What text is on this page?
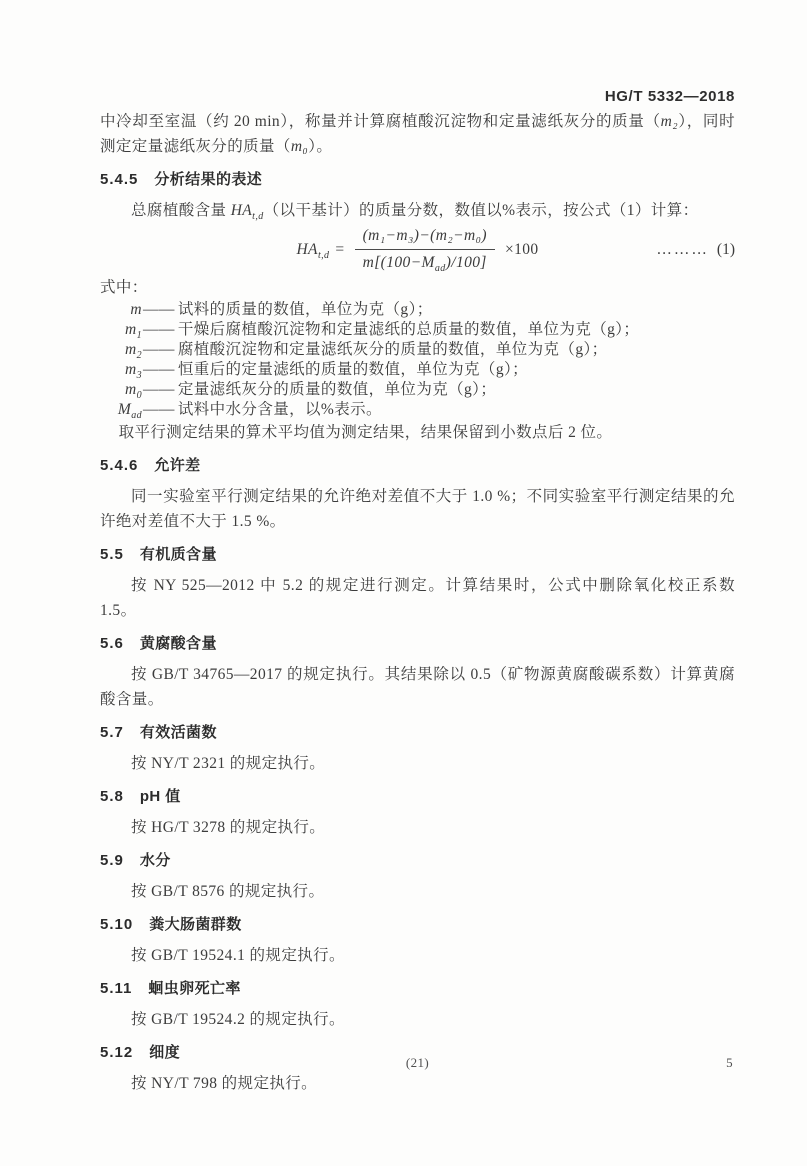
HG/T 5332—2018

中冷却至室温（约 20 min），称量并计算腐植酸沉淀物和定量滤纸灰分的质量（m₂），同时测定定量滤纸灰分的质量（m₀）。

5.4.5 分析结果的表述

总腐植酸含量 $HA_{t,d}$（以干基计）的质量分数，数值以%表示，按公式（1）计算：

$HA_{t,d} = \frac{\text{(m₁−m₃)−(m₂−m₀)}}{m[(100-M_{ad})/100]} \times 100$	……… (1)

式中：

m —— 试料的质量的数值，单位为克（g）；
$m_1$ —— 干燥后腐植酸沉淀物和定量滤纸的总质量的数值，单位为克（g）；
$m_2$ —— 腐植酸沉淀物和定量滤纸灰分的质量的数值，单位为克（g）；
$m_3$ —— 恒重后的定量滤纸的质量的数值，单位为克（g）；
$m_0$ —— 定量滤纸灰分的质量的数值，单位为克（g）；
$M_{ad}$ —— 试料中水分含量，以%表示。

取平行测定结果的算术平均值为测定结果，结果保留到小数点后 2 位。

5.4.6 允许差

同一实验室平行测定结果的允许绝对差值不大于 1.0 %；不同实验室平行测定结果的允许绝对差值不大于 1.5 %。

5.5 有机质含量

按 NY 525—2012 中 5.2 的规定进行测定。计算结果时，公式中删除氧化校正系数 1.5。

5.6 黄腐酸含量

按 GB/T 34765—2017 的规定执行。其结果除以 0.5（矿物源黄腐酸碳系数）计算黄腐酸含量。

5.7 有效活菌数

按 NY/T 2321 的规定执行。

5.8 pH 值

按 HG/T 3278 的规定执行。

5.9 水分

按 GB/T 8576 的规定执行。

5.10 粪大肠菌群数

按 GB/T 19524.1 的规定执行。

5.11 蛔虫卵死亡率

按 GB/T 19524.2 的规定执行。

5.12 细度

按 NY/T 798 的规定执行。

(21)	5
